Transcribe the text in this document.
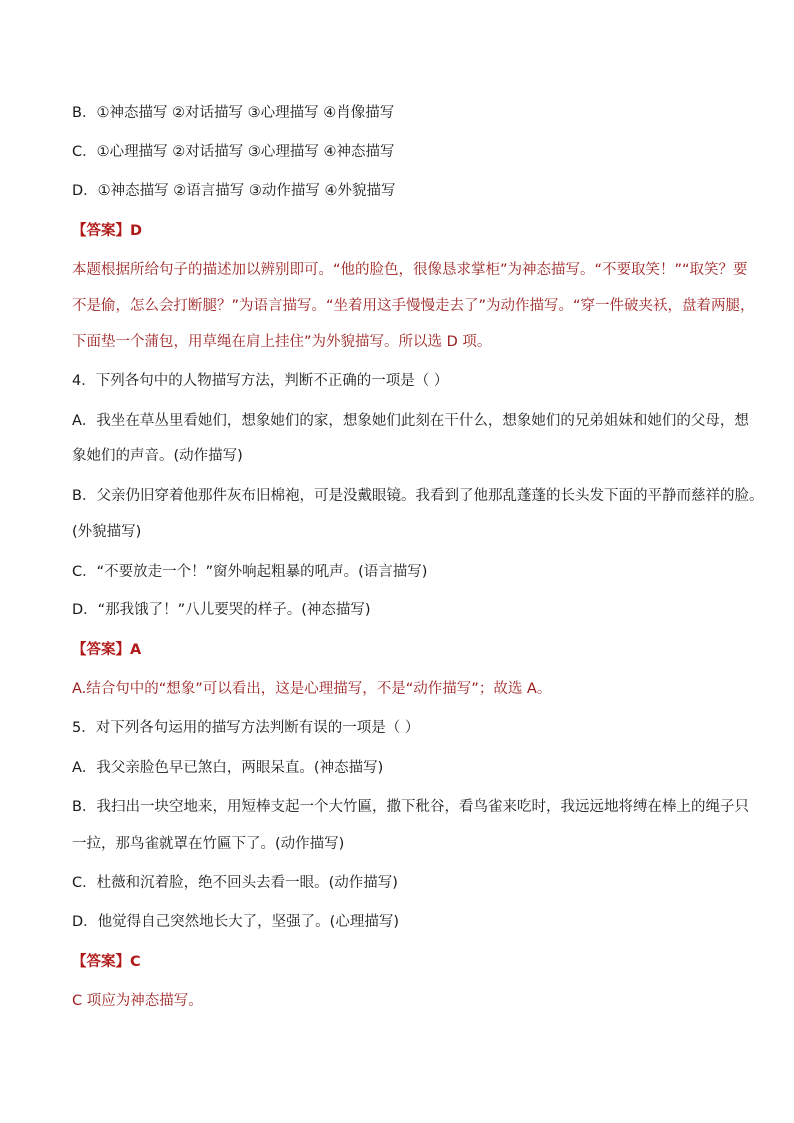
B．①神态描写 ②对话描写 ③心理描写 ④肖像描写
C．①心理描写 ②对话描写 ③心理描写 ④神态描写
D．①神态描写 ②语言描写 ③动作描写 ④外貌描写
【答案】D
本题根据所给句子的描述加以辨别即可。“他的脸色，很像恳求掌柜”为神态描写。“不要取笑！”“取笑？要
不是偷，怎么会打断腿？”为语言描写。“坐着用这手慢慢走去了”为动作描写。“穿一件破夹袄，盘着两腿，
下面垫一个蒲包，用草绳在肩上挂住”为外貌描写。所以选 D 项。
4．下列各句中的人物描写方法，判断不正确的一项是（ ）
A．我坐在草丛里看她们，想象她们的家，想象她们此刻在干什么，想象她们的兄弟姐妹和她们的父母，想
象她们的声音。(动作描写)
B．父亲仍旧穿着他那件灰布旧棉袍，可是没戴眼镜。我看到了他那乱蓬蓬的长头发下面的平静而慈祥的脸。
(外貌描写)
C．“不要放走一个！”窗外响起粗暴的吼声。(语言描写)
D．“那我饿了！”八儿要哭的样子。(神态描写)
【答案】A
A.结合句中的“想象”可以看出，这是心理描写，不是“动作描写”；故选 A。
5．对下列各句运用的描写方法判断有误的一项是（ ）
A．我父亲脸色早已煞白，两眼呆直。(神态描写)
B．我扫出一块空地来，用短棒支起一个大竹匾，撒下秕谷，看鸟雀来吃时，我远远地将缚在棒上的绳子只
一拉，那鸟雀就罩在竹匾下了。(动作描写)
C．杜薇和沉着脸，绝不回头去看一眼。(动作描写)
D．他觉得自己突然地长大了，坚强了。(心理描写)
【答案】C
C 项应为神态描写。
